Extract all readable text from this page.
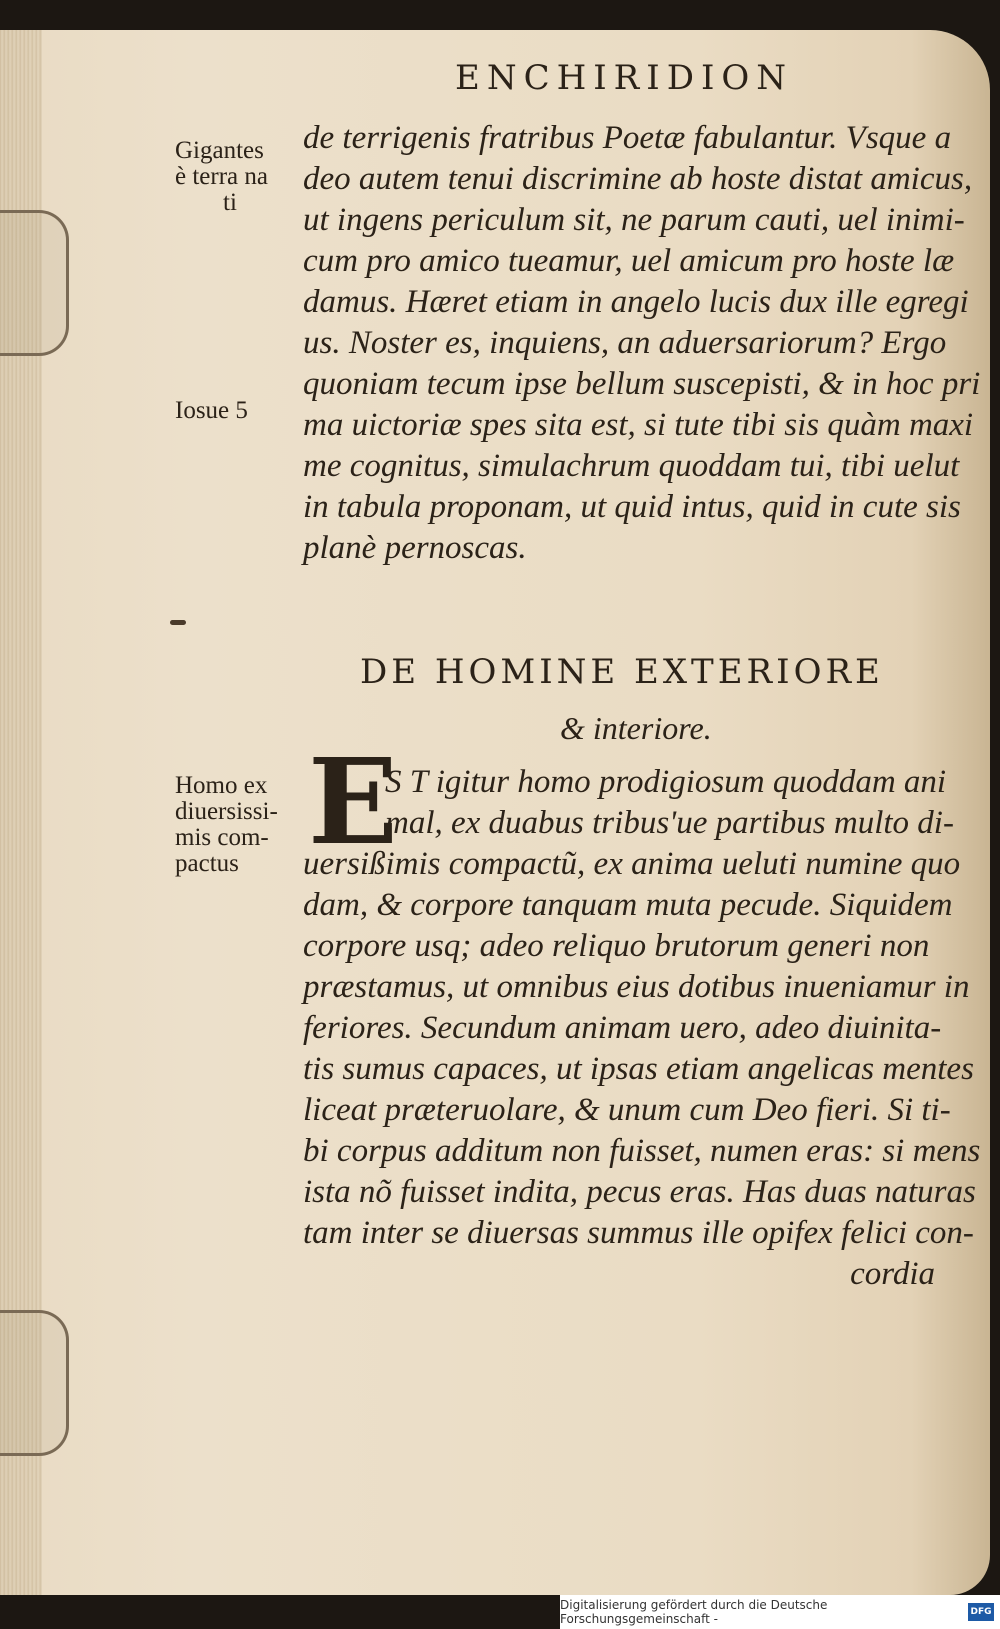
ENCHIRIDION
Gigantes
è terra na
ti
Iosue 5
Homo ex
diuersissi-
mis com-
pactus
de terrigenis fratribus Poetæ fabulantur. Vsque a
deo autem tenui discrimine ab hoste distat amicus,
ut ingens periculum sit, ne parum cauti, uel inimi-
cum pro amico tueamur, uel amicum pro hoste læ
damus. Hæret etiam in angelo lucis dux ille egregi
us. Noster es, inquiens, an aduersariorum? Ergo
quoniam tecum ipse bellum suscepisti, & in hoc pri
ma uictoriæ spes sita est, si tute tibi sis quàm maxi
me cognitus, simulachrum quoddam tui, tibi uelut
in tabula proponam, ut quid intus, quid in cute sis
planè pernoscas.
DE HOMINE EXTERIORE
& interiore.
E
S T igitur homo prodigiosum quoddam ani
mal, ex duabus tribus'ue partibus multo di-
uersißimis compactũ, ex anima ueluti numine quo
dam, & corpore tanquam muta pecude. Siquidem
corpore usq; adeo reliquo brutorum generi non
præstamus, ut omnibus eius dotibus inueniamur in
feriores. Secundum animam uero, adeo diuinita-
tis sumus capaces, ut ipsas etiam angelicas mentes
liceat præteruolare, & unum cum Deo fieri. Si ti-
bi corpus additum non fuisset, numen eras: si mens
ista nõ fuisset indita, pecus eras. Has duas naturas
tam inter se diuersas summus ille opifex felici con-
cordia
Digitalisierung gefördert durch die Deutsche Forschungsgemeinschaft -	DFG
